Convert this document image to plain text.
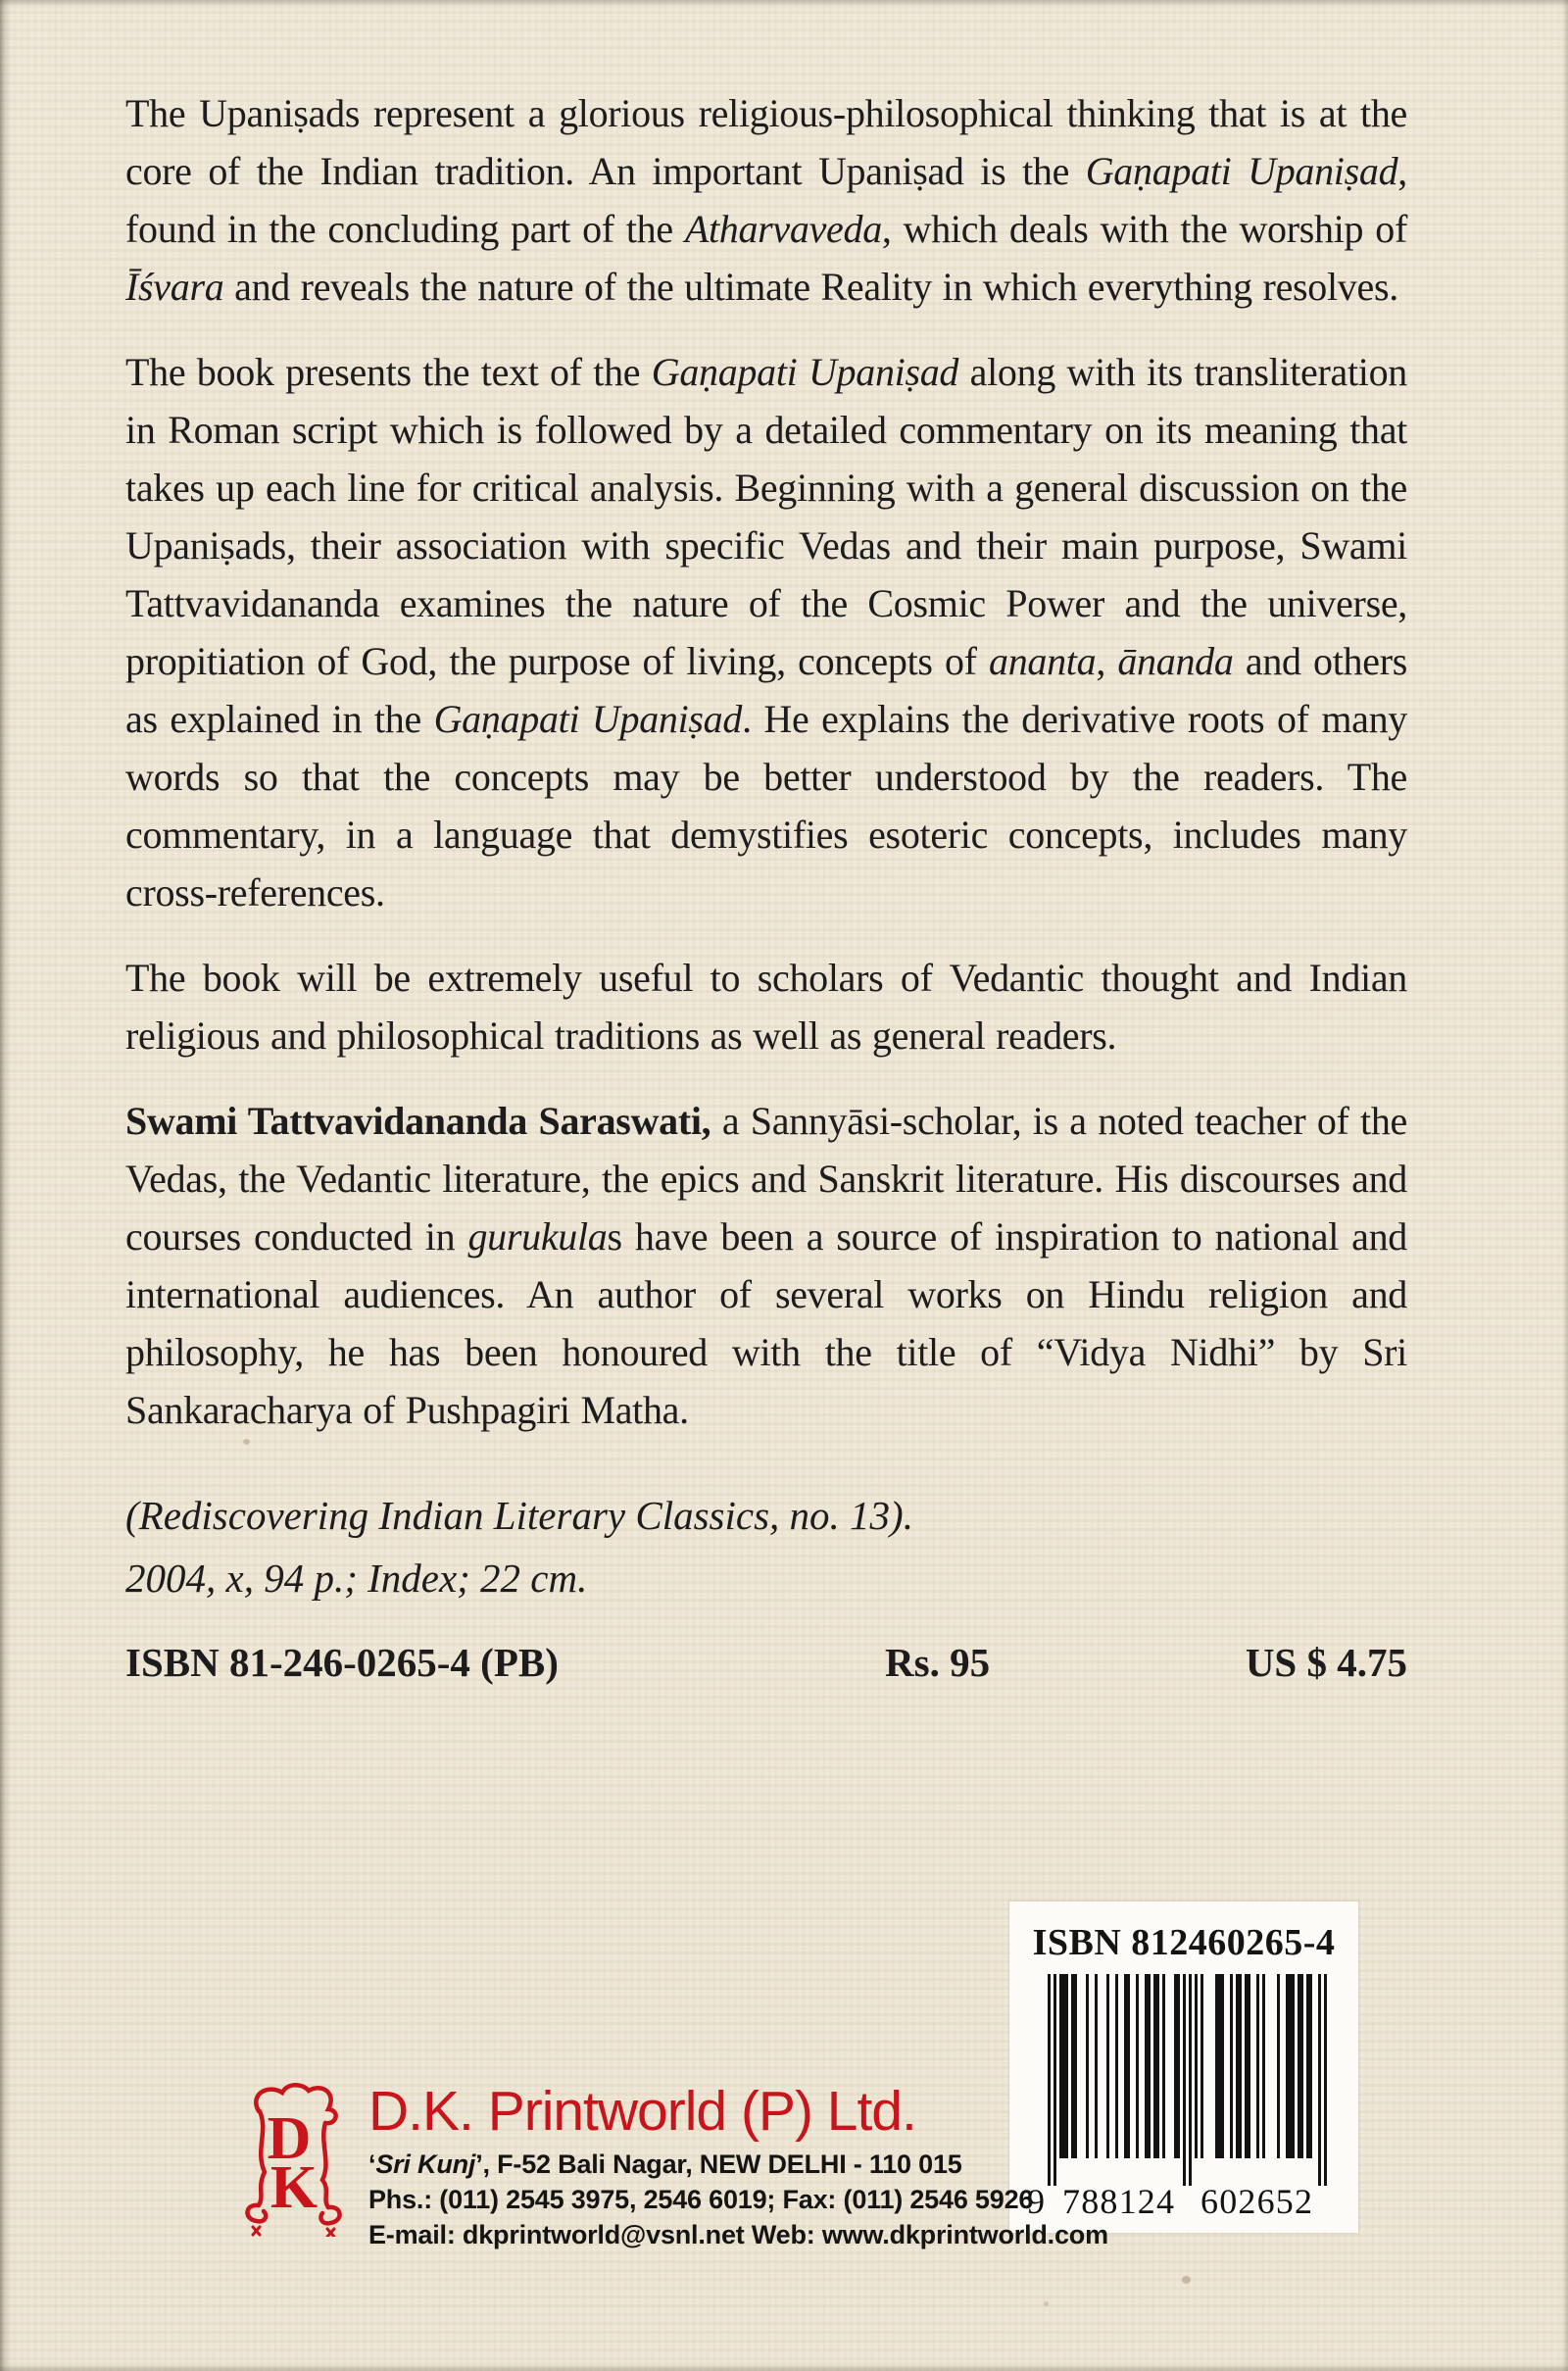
The Upaniṣads represent a glorious religious-philosophical thinking that is at the core of the Indian tradition. An important Upaniṣad is the Gaṇapati Upaniṣad, found in the concluding part of the Atharvaveda, which deals with the worship of Īśvara and reveals the nature of the ultimate Reality in which everything resolves.

The book presents the text of the Gaṇapati Upaniṣad along with its transliteration in Roman script which is followed by a detailed commentary on its meaning that takes up each line for critical analysis. Beginning with a general discussion on the Upaniṣads, their association with specific Vedas and their main purpose, Swami Tattvavidananda examines the nature of the Cosmic Power and the universe, propitiation of God, the purpose of living, concepts of ananta, ānanda and others as explained in the Gaṇapati Upaniṣad. He explains the derivative roots of many words so that the concepts may be better understood by the readers. The commentary, in a language that demystifies esoteric concepts, includes many cross-references.

The book will be extremely useful to scholars of Vedantic thought and Indian religious and philosophical traditions as well as general readers.

Swami Tattvavidananda Saraswati, a Sannyāsi-scholar, is a noted teacher of the Vedas, the Vedantic literature, the epics and Sanskrit literature. His discourses and courses conducted in gurukulas have been a source of inspiration to national and international audiences. An author of several works on Hindu religion and philosophy, he has been honoured with the title of “Vidya Nidhi” by Sri Sankaracharya of Pushpagiri Matha.

(Rediscovering Indian Literary Classics, no. 13).
2004, x, 94 p.; Index; 22 cm.
ISBN 81-246-0265-4 (PB)	Rs. 95	US $ 4.75
ISBN 812460265-4
9 788124 602652
D
K
D.K. Printworld (P) Ltd.
‘Sri Kunj’, F-52 Bali Nagar, NEW DELHI - 110 015
Phs.: (011) 2545 3975, 2546 6019; Fax: (011) 2546 5926
E-mail: dkprintworld@vsnl.net Web: www.dkprintworld.com
